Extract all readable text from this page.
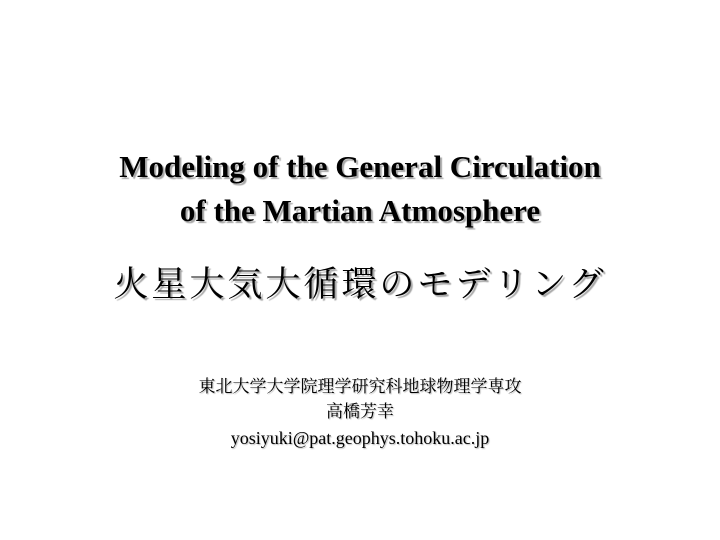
Modeling of the General Circulation
of the Martian Atmosphere
火星大気大循環のモデリング
東北大学大学院理学研究科地球物理学専攻
高橋芳幸
yosiyuki@pat.geophys.tohoku.ac.jp
